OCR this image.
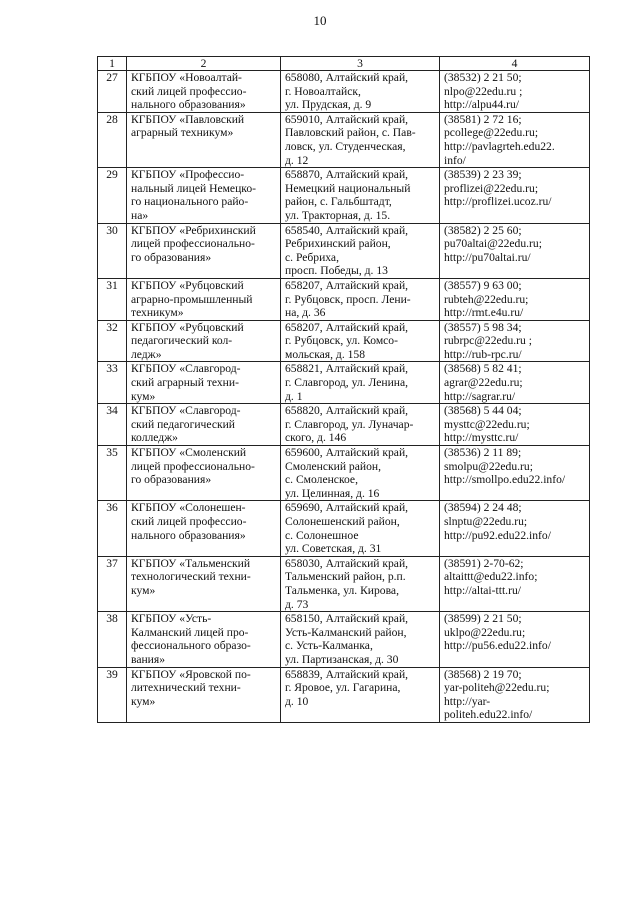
10
1	2	3	4
27	КГБПОУ «Новоалтай-
ский лицей профессио-
нального образования»	658080, Алтайский край,
г. Новоалтайск,
ул. Прудская, д. 9	(38532) 2 21 50;
nlpo@22edu.ru ;
http://alpu44.ru/

28	КГБПОУ «Павловский
аграрный техникум»	659010, Алтайский край,
Павловский район, с. Пав-
ловск, ул. Студенческая,
д. 12	(38581) 2 72 16;
pcollege@22edu.ru;
http://pavlagrteh.edu22.
info/

29	КГБПОУ «Профессио-
нальный лицей Немецко-
го национального райо-
на»	658870, Алтайский край,
Немецкий национальный
район, с. Гальбштадт,
ул. Тракторная, д. 15.	(38539) 2 23 39;
proflizei@22edu.ru;
http://proflizei.ucoz.ru/

30	КГБПОУ «Ребрихинский
лицей профессионально-
го образования»	658540, Алтайский край,
Ребрихинский район,
с. Ребриха,
просп. Победы, д. 13	(38582) 2 25 60;
pu70altai@22edu.ru;
http://pu70altai.ru/

31	КГБПОУ «Рубцовский
аграрно-промышленный
техникум»	658207, Алтайский край,
г. Рубцовск, просп. Лени-
на, д. 36	(38557) 9 63 00;
rubteh@22edu.ru;
http://rmt.e4u.ru/

32	КГБПОУ «Рубцовский
педагогический кол-
ледж»	658207, Алтайский край,
г. Рубцовск, ул. Комсо-
мольская, д. 158	(38557) 5 98 34;
rubrpc@22edu.ru ;
http://rub-rpc.ru/

33	КГБПОУ «Славгород-
ский аграрный техни-
кум»	658821, Алтайский край,
г. Славгород, ул. Ленина,
д. 1	(38568) 5 82 41;
agrar@22edu.ru;
http://sagrar.ru/

34	КГБПОУ «Славгород-
ский педагогический
колледж»	658820, Алтайский край,
г. Славгород, ул. Луначар-
ского, д. 146	(38568) 5 44 04;
mysttc@22edu.ru;
http://mysttc.ru/

35	КГБПОУ «Смоленский
лицей профессионально-
го образования»	659600, Алтайский край,
Смоленский район,
с. Смоленское,
ул. Целинная, д. 16	(38536) 2 11 89;
smolpu@22edu.ru;
http://smollpo.edu22.info/

36	КГБПОУ «Солонешен-
ский лицей профессио-
нального образования»	659690, Алтайский край,
Солонешенский район,
с. Солонешное
ул. Советская, д. 31	(38594) 2 24 48;
slnptu@22edu.ru;
http://pu92.edu22.info/

37	КГБПОУ «Тальменский
технологический техни-
кум»	658030, Алтайский край,
Тальменский район, р.п.
Тальменка, ул. Кирова,
д. 73	(38591) 2-70-62;
altaittt@edu22.info;
http://altai-ttt.ru/

38	КГБПОУ «Усть-
Калманский лицей про-
фессионального образо-
вания»	658150, Алтайский край,
Усть-Калманский район,
с. Усть-Калманка,
ул. Партизанская, д. 30	(38599) 2 21 50;
uklpo@22edu.ru;
http://pu56.edu22.info/

39	КГБПОУ «Яровской по-
литехнический техни-
кум»	658839, Алтайский край,
г. Яровое, ул. Гагарина,
д. 10	(38568) 2 19 70;
yar-politeh@22edu.ru;
http://yar-
politeh.edu22.info/
